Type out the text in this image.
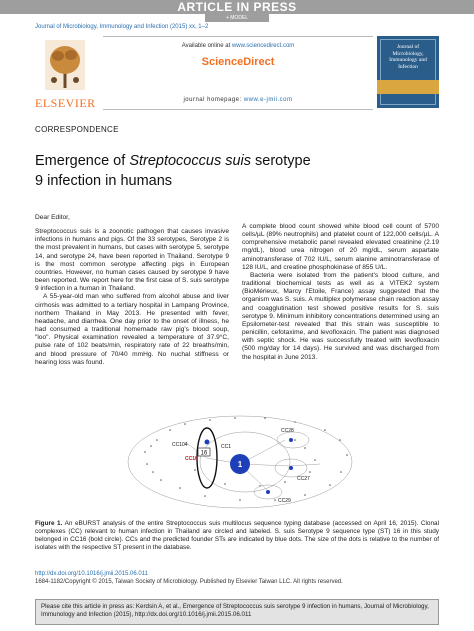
ARTICLE IN PRESS
+ MODEL
Journal of Microbiology, Immunology and Infection (2015) xx, 1–2
ELSEVIER
Available online at www.sciencedirect.com
ScienceDirect
journal homepage: www.e-jmii.com
Journal of Microbiology, Immunology and Infection
CORRESPONDENCE
Emergence of Streptococcus suis serotype
9 infection in humans

Dear Editor,

Streptococcus suis is a zoonotic pathogen that causes invasive infections in humans and pigs. Of the 33 serotypes, Serotype 2 is the most prevalent in humans, but cases with serotype 5, serotype 14, and serotype 24, have been reported in Thailand. Serotype 9 is the most common serotype affecting pigs in European countries. However, no human cases caused by serotype 9 have been reported. We report here for the first case of S. suis serotype 9 infection in a human in Thailand.

A 55-year-old man who suffered from alcohol abuse and liver cirrhosis was admitted to a tertiary hospital in Lampang Province, northern Thailand in May 2013. He presented with fever, headache, and diarrhea. One day prior to the onset of illness, he had consumed a traditional homemade raw pig's blood soup, "loo". Physical examination revealed a temperature of 37.9°C, pulse rate of 102 beats/min, respiratory rate of 22 breaths/min, and blood pressure of 70/40 mmHg. No nuchal stiffness or hearing loss was found.

A complete blood count showed white blood cell count of 5700 cells/µL (89% neutrophils) and platelet count of 122,000 cells/µL. A comprehensive metabolic panel revealed elevated creatinine (2.19 mg/dL), blood urea nitrogen of 20 mg/dL, serum aspartate aminotransferase of 702 IU/L, serum alanine aminotransferase of 128 IU/L, and creatine phosphokinase of 855 U/L.

Bacteria were isolated from the patient's blood culture, and traditional biochemical tests as well as a VITEK2 system (BioMérieux, Marcy l'Etoile, France) assay suggested that the organism was S. suis. A multiplex polymerase chain reaction assay and coagglutination test showed positive results for S. suis serotype 9. Minimum inhibitory concentrations determined using an Epsilometer-test revealed that this strain was susceptible to penicillin, cefotaxime, and levofloxacin. The patient was diagnosed with septic shock. He was successfully treated with levofloxacin (500 mg/day for 14 days). He survived and was discharged from the hospital in June 2013.

16
1
CC104
CC16
CC1
CC28
CC27
CC29
Figure 1. An eBURST analysis of the entire Streptococcus suis multilocus sequence typing database (accessed on April 16, 2015). Clonal complexes (CC) relevant to human infection in Thailand are circled and labeled. S. suis Serotype 9 sequence type (ST) 16 in this study belonged in CC16 (bold circle). CCs and the predicted founder STs are indicated by blue dots. The size of the dots is relative to the number of isolates with the respective ST present in the database.
http://dx.doi.org/10.1016/j.jmii.2015.06.011
1684-1182/Copyright © 2015, Taiwan Society of Microbiology. Published by Elsevier Taiwan LLC. All rights reserved.
Please cite this article in press as: Kerdsin A, et al., Emergence of Streptococcus suis serotype 9 infection in humans, Journal of Microbiology, Immunology and Infection (2015), http://dx.doi.org/10.1016/j.jmii.2015.06.011
